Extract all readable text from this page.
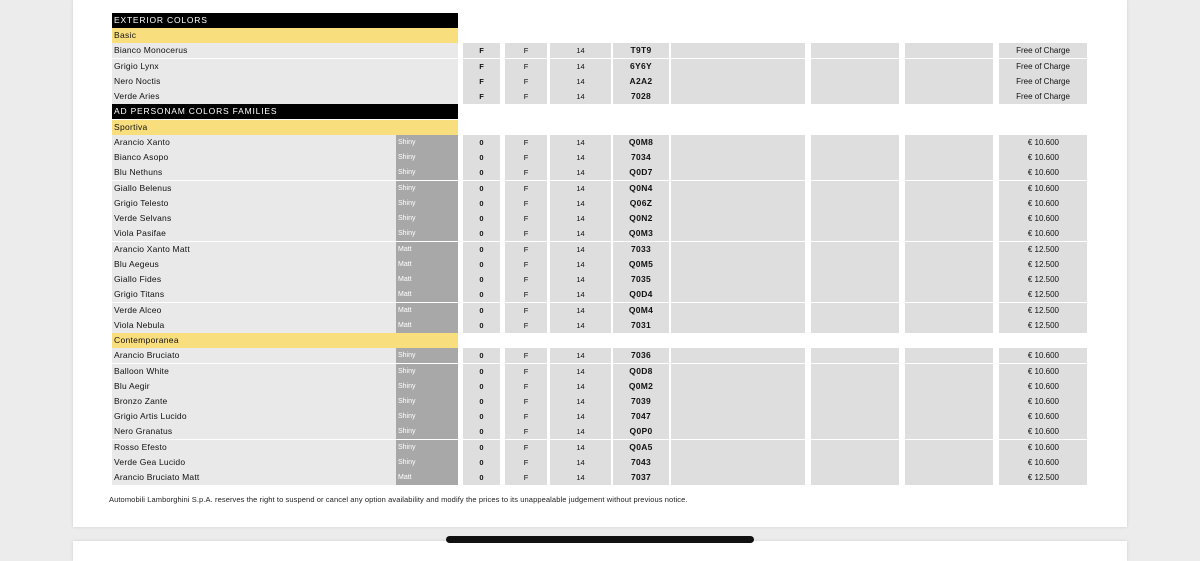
EXTERIOR COLORS
Basic
Bianco Monocerus	F	F	14	T9T9	Free of Charge
Grigio Lynx	F	F	14	6Y6Y	Free of Charge
Nero Noctis	F	F	14	A2A2	Free of Charge
Verde Aries	F	F	14	7028	Free of Charge
AD PERSONAM COLORS FAMILIES
Sportiva
Arancio Xanto	Shiny	0	F	14	Q0M8	€ 10.600
Bianco Asopo	Shiny	0	F	14	7034	€ 10.600
Blu Nethuns	Shiny	0	F	14	Q0D7	€ 10.600
Giallo Belenus	Shiny	0	F	14	Q0N4	€ 10.600
Grigio Telesto	Shiny	0	F	14	Q06Z	€ 10.600
Verde Selvans	Shiny	0	F	14	Q0N2	€ 10.600
Viola Pasifae	Shiny	0	F	14	Q0M3	€ 10.600
Arancio Xanto Matt	Matt	0	F	14	7033	€ 12.500
Blu Aegeus	Matt	0	F	14	Q0M5	€ 12.500
Giallo Fides	Matt	0	F	14	7035	€ 12.500
Grigio Titans	Matt	0	F	14	Q0D4	€ 12.500
Verde Alceo	Matt	0	F	14	Q0M4	€ 12.500
Viola Nebula	Matt	0	F	14	7031	€ 12.500
Contemporanea
Arancio Bruciato	Shiny	0	F	14	7036	€ 10.600
Balloon White	Shiny	0	F	14	Q0D8	€ 10.600
Blu Aegir	Shiny	0	F	14	Q0M2	€ 10.600
Bronzo Zante	Shiny	0	F	14	7039	€ 10.600
Grigio Artis Lucido	Shiny	0	F	14	7047	€ 10.600
Nero Granatus	Shiny	0	F	14	Q0P0	€ 10.600
Rosso Efesto	Shiny	0	F	14	Q0A5	€ 10.600
Verde Gea Lucido	Shiny	0	F	14	7043	€ 10.600
Arancio Bruciato Matt	Matt	0	F	14	7037	€ 12.500
Automobili Lamborghini S.p.A. reserves the right to suspend or cancel any option availability and modify the prices to its unappealable judgement without previous notice.
